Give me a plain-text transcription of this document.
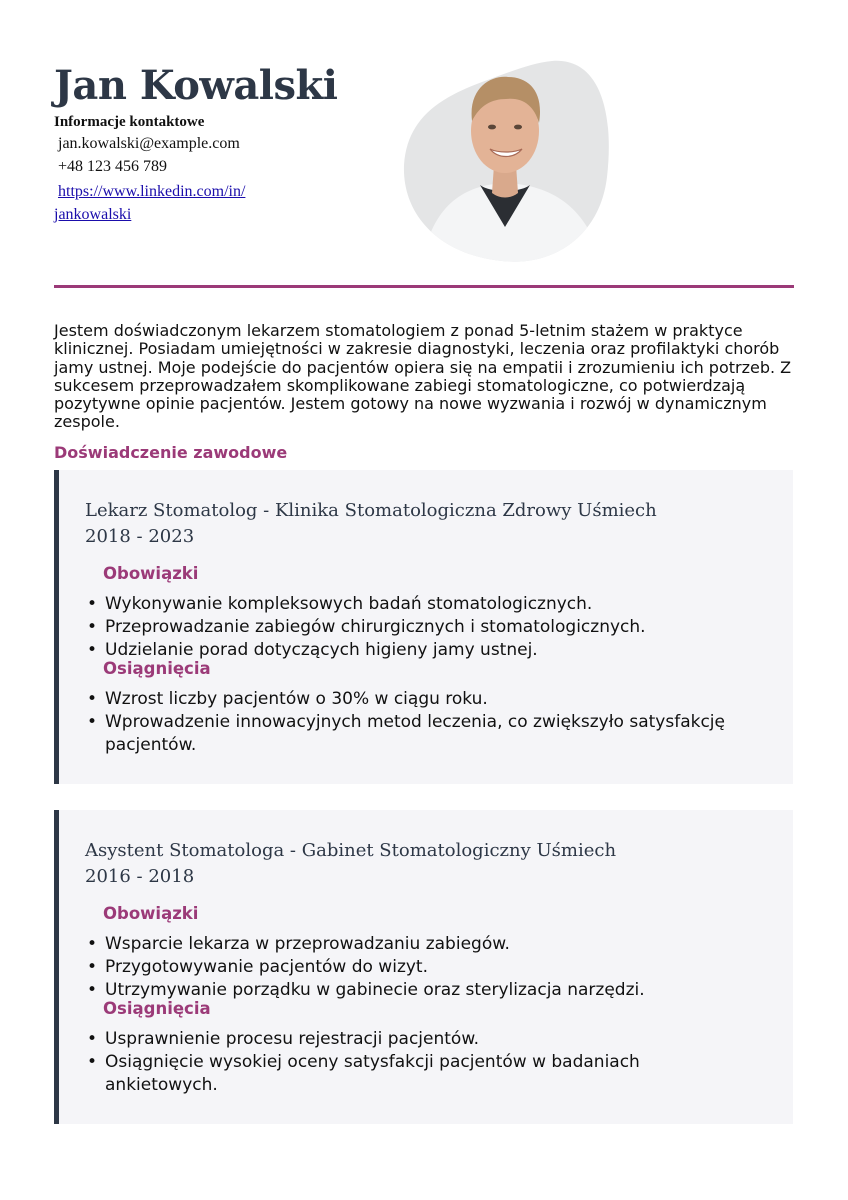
Jan Kowalski
Informacje kontaktowe
jan.kowalski@example.com
+48 123 456 789
https://www.linkedin.com/in/
jankowalski

Jestem doświadczonym lekarzem stomatologiem z ponad 5-letnim stażem w praktyce klinicznej. Posiadam umiejętności w zakresie diagnostyki, leczenia oraz profilaktyki chorób jamy ustnej. Moje podejście do pacjentów opiera się na empatii i zrozumieniu ich potrzeb. Z sukcesem przeprowadzałem skomplikowane zabiegi stomatologiczne, co potwierdzają pozytywne opinie pacjentów. Jestem gotowy na nowe wyzwania i rozwój w dynamicznym zespole.

Doświadczenie zawodowe
Lekarz Stomatolog - Klinika Stomatologiczna Zdrowy Uśmiech
2018 - 2023
Obowiązki
• Wykonywanie kompleksowych badań stomatologicznych.
• Przeprowadzanie zabiegów chirurgicznych i stomatologicznych.
• Udzielanie porad dotyczących higieny jamy ustnej.
Osiągnięcia
• Wzrost liczby pacjentów o 30% w ciągu roku.
• Wprowadzenie innowacyjnych metod leczenia, co zwiększyło satysfakcję pacjentów.
Asystent Stomatologa - Gabinet Stomatologiczny Uśmiech
2016 - 2018
Obowiązki
• Wsparcie lekarza w przeprowadzaniu zabiegów.
• Przygotowywanie pacjentów do wizyt.
• Utrzymywanie porządku w gabinecie oraz sterylizacja narzędzi.
Osiągnięcia
• Usprawnienie procesu rejestracji pacjentów.
• Osiągnięcie wysokiej oceny satysfakcji pacjentów w badaniach ankietowych.
